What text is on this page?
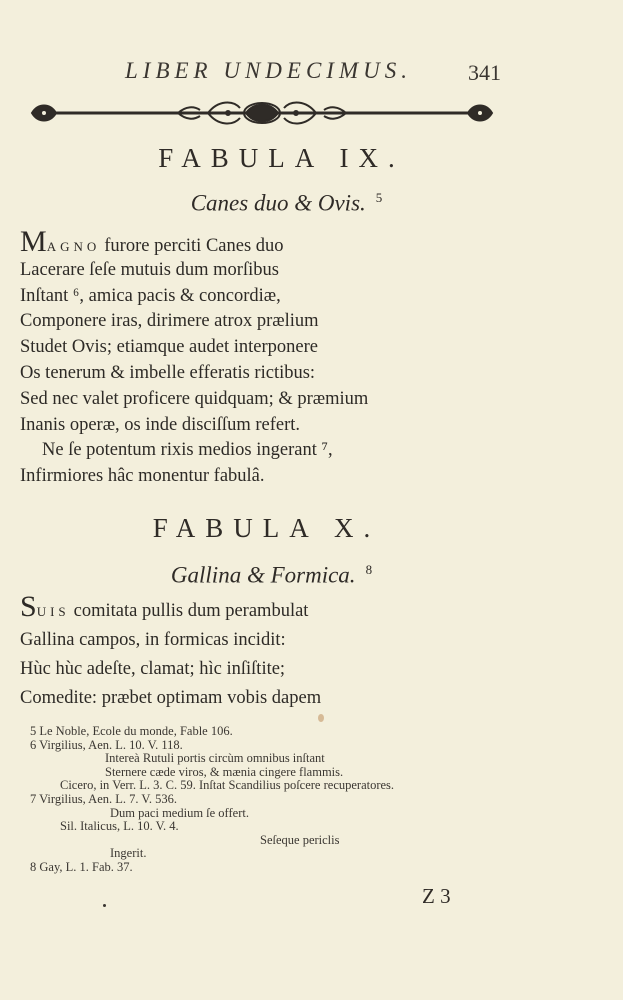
LIBER UNDECIMUS.	341
FABULA IX.
Canes duo & Ovis. $^5$
MAGNO furore perciti Canes duo
Lacerare ſeſe mutuis dum morſibus
Inſtant ⁶, amica pacis & concordiæ,
Componere iras, dirimere atrox prælium
Studet Ovis; etiamque audet interponere
Os tenerum & imbelle efferatis rictibus:
Sed nec valet proficere quidquam; & præmium
Inanis operæ, os inde disciſſum refert.
Ne ſe potentum rixis medios ingerant ⁷,
Infirmiores hâc monentur fabulâ.
FABULA X.
Gallina & Formica. $^8$
SUIS comitata pullis dum perambulat
Gallina campos, in formicas incidit:
Hùc hùc adeſte, clamat; hìc inſiſtite;
Comedite: præbet optimam vobis dapem
5 Le Noble, Ecole du monde, Fable 106.
6 Virgilius, Aen. L. 10. V. 118.
Intereà Rutuli portis circùm omnibus inſtant
Sternere cæde viros, & mænia cingere flammis.
Cicero, in Verr. L. 3. C. 59. Inſtat Scandilius poſcere recuperatores.
7 Virgilius, Aen. L. 7. V. 536.
Dum paci medium ſe offert.
Sil. Italicus, L. 10. V. 4.
Seſeque periclis
Ingerit.
8 Gay, L. 1. Fab. 37.
Z 3
